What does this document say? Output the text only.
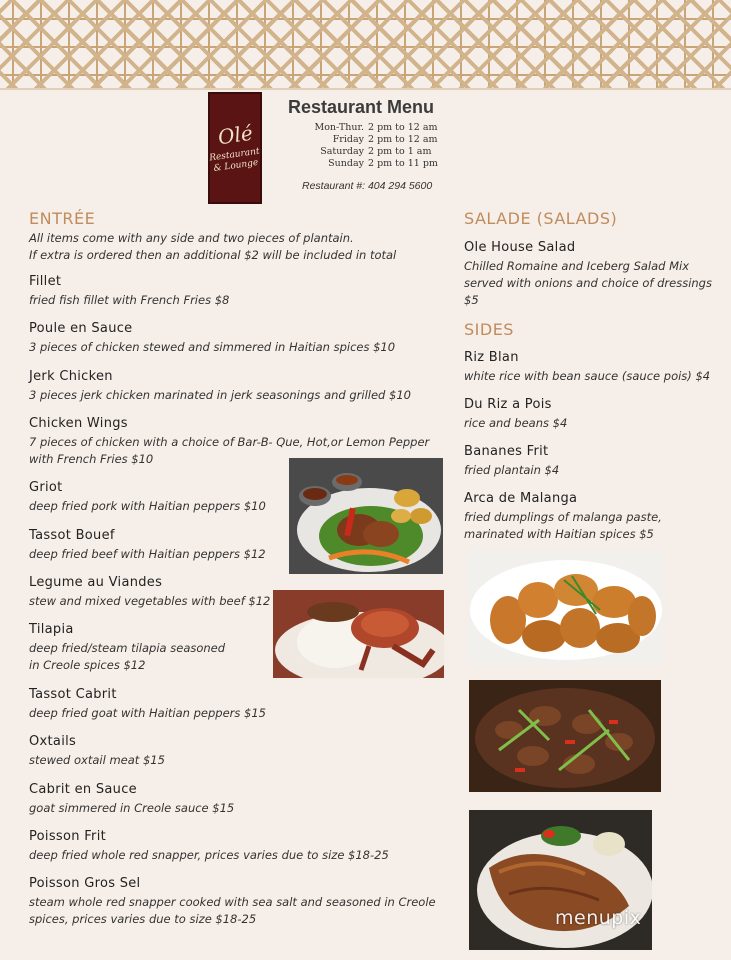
Olé
Restaurant & Lounge
Restaurant Menu
Mon-Thur. 2 pm to 12 am
Friday 2 pm to 12 am
Saturday 2 pm to 1 am
Sunday 2 pm to 11 pm
Restaurant #: 404 294 5600
ENTRÉE
All items come with any side and two pieces of plantain.
If extra is ordered then an additional $2 will be included in total
Fillet
fried fish fillet with French Fries $8
Poule en Sauce
3 pieces of chicken stewed and simmered in Haitian spices $10
Jerk Chicken
3 pieces jerk chicken marinated in jerk seasonings and grilled $10
Chicken Wings
7 pieces of chicken with a choice of Bar-B- Que, Hot,or Lemon Pepper
with French Fries $10
Griot
deep fried pork with Haitian peppers $10
Tassot Bouef
deep fried beef with Haitian peppers $12
Legume au Viandes
stew and mixed vegetables with beef $12
Tilapia
deep fried/steam tilapia seasoned
in Creole spices $12
Tassot Cabrit
deep fried goat with Haitian peppers $15
Oxtails
stewed oxtail meat $15
Cabrit en Sauce
goat simmered in Creole sauce $15
Poisson Frit
deep fried whole red snapper, prices varies due to size $18-25
Poisson Gros Sel
steam whole red snapper cooked with sea salt and seasoned in Creole
spices, prices varies due to size $18-25
SALADE (SALADS)
Ole House Salad
Chilled Romaine and Iceberg Salad Mix
served with onions and choice of dressings
$5
SIDES
Riz Blan
white rice with bean sauce (sauce pois) $4
Du Riz a Pois
rice and beans $4
Bananes Frit
fried plantain $4
Arca de Malanga
fried dumplings of malanga paste,
marinated with Haitian spices $5
menupix
